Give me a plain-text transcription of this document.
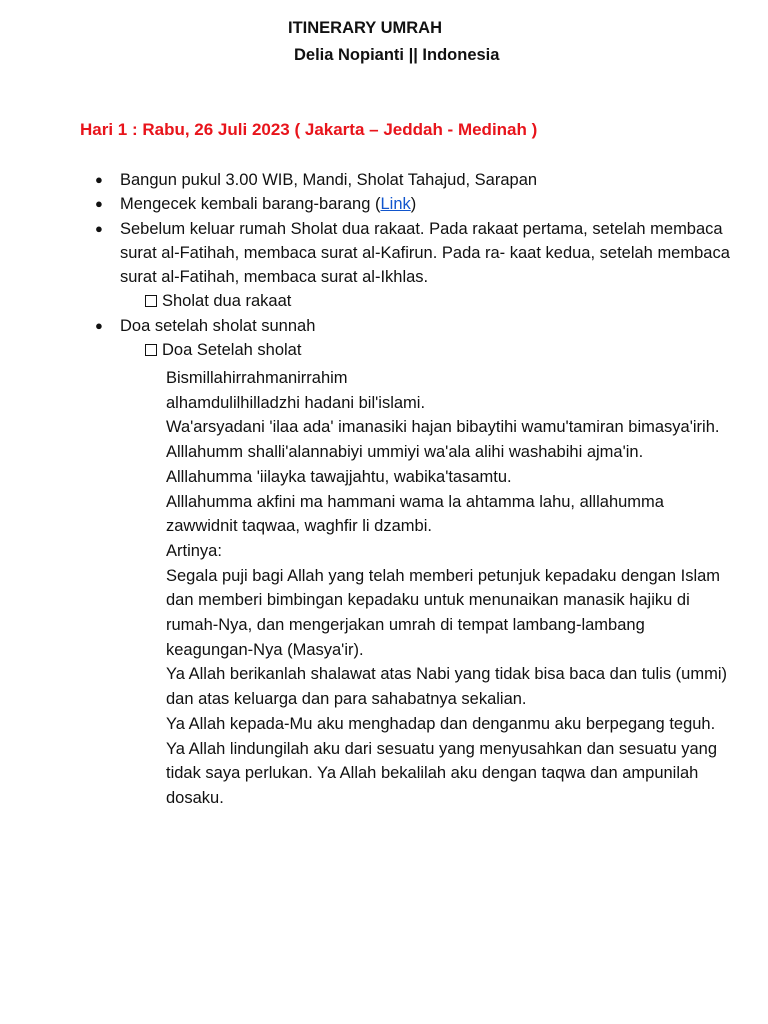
ITINERARY UMRAH
Delia Nopianti || Indonesia
Hari 1 : Rabu, 26 Juli 2023 ( Jakarta – Jeddah - Medinah )
● Bangun pukul 3.00 WIB, Mandi, Sholat Tahajud, Sarapan
● Mengecek kembali barang-barang (Link)
● Sebelum keluar rumah Sholat dua rakaat. Pada rakaat pertama, setelah membaca surat al-Fatihah, membaca surat al-Kafirun. Pada ra- kaat kedua, setelah membaca surat al-Fatihah, membaca surat al-Ikhlas.
Sholat dua rakaat
● Doa setelah sholat sunnah
Doa Setelah sholat

Bismillahirrahmanirrahim

alhamdulilhilladzhi hadani bil'islami.

Wa'arsyadani 'ilaa ada' imanasiki hajan bibaytihi wamu'tamiran bimasya'irih.

Alllahumm shalli'alannabiyi ummiyi wa'ala alihi washabihi ajma'in.

Alllahumma 'iilayka tawajjahtu, wabika'tasamtu.

Alllahumma akfini ma hammani wama la ahtamma lahu, alllahumma zawwidnit taqwaa, waghfir li dzambi.

Artinya:

Segala puji bagi Allah yang telah memberi petunjuk kepadaku dengan Islam dan memberi bimbingan kepadaku untuk menunaikan manasik hajiku di rumah-Nya, dan mengerjakan umrah di tempat lambang-lambang keagungan-Nya (Masya'ir).

Ya Allah berikanlah shalawat atas Nabi yang tidak bisa baca dan tulis (ummi) dan atas keluarga dan para sahabatnya sekalian.

Ya Allah kepada-Mu aku menghadap dan denganmu aku berpegang teguh.

Ya Allah lindungilah aku dari sesuatu yang menyusahkan dan sesuatu yang tidak saya perlukan. Ya Allah bekalilah aku dengan taqwa dan ampunilah dosaku.
